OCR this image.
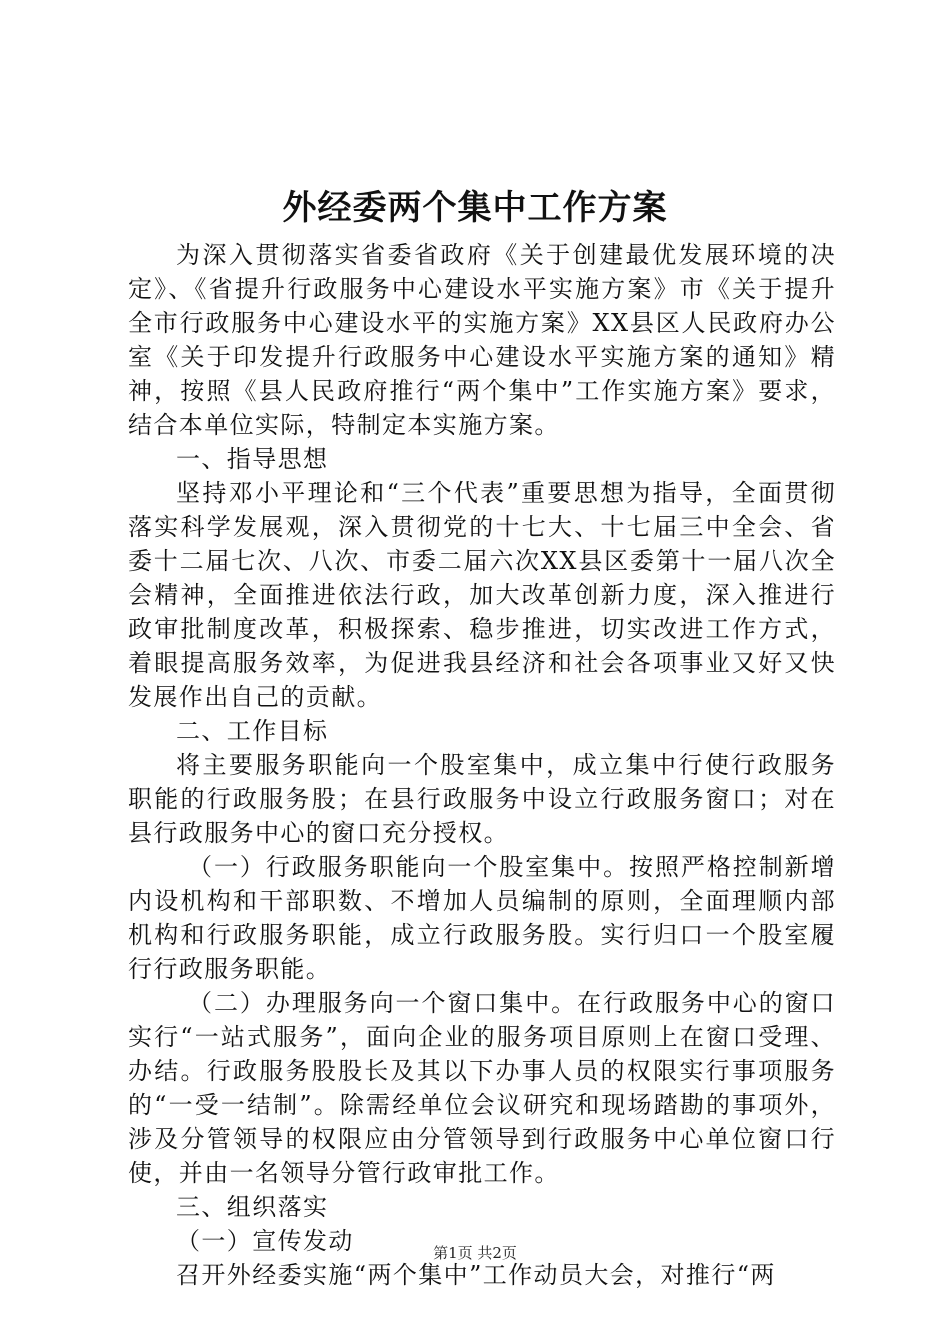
外经委两个集中工作方案

为深入贯彻落实省委省政府《关于创建最优发展环境的决定》、《省提升行政服务中心建设水平实施方案》市《关于提升全市行政服务中心建设水平的实施方案》XX县区人民政府办公室《关于印发提升行政服务中心建设水平实施方案的通知》精神，按照《县人民政府推行“两个集中”工作实施方案》要求，结合本单位实际，特制定本实施方案。

一、指导思想

坚持邓小平理论和“三个代表”重要思想为指导，全面贯彻落实科学发展观，深入贯彻党的十七大、十七届三中全会、省委十二届七次、八次、市委二届六次XX县区委第十一届八次全会精神，全面推进依法行政，加大改革创新力度，深入推进行政审批制度改革，积极探索、稳步推进，切实改进工作方式，着眼提高服务效率，为促进我县经济和社会各项事业又好又快发展作出自己的贡献。

二、工作目标

将主要服务职能向一个股室集中，成立集中行使行政服务职能的行政服务股；在县行政服务中设立行政服务窗口；对在县行政服务中心的窗口充分授权。

（一）行政服务职能向一个股室集中。按照严格控制新增内设机构和干部职数、不增加人员编制的原则，全面理顺内部机构和行政服务职能，成立行政服务股。实行归口一个股室履行行政服务职能。

（二）办理服务向一个窗口集中。在行政服务中心的窗口实行“一站式服务”，面向企业的服务项目原则上在窗口受理、办结。行政服务股股长及其以下办事人员的权限实行事项服务的“一受一结制”。除需经单位会议研究和现场踏勘的事项外，涉及分管领导的权限应由分管领导到行政服务中心单位窗口行使，并由一名领导分管行政审批工作。

三、组织落实

（一）宣传发动

召开外经委实施“两个集中”工作动员大会，对推行“两

第1页 共2页
